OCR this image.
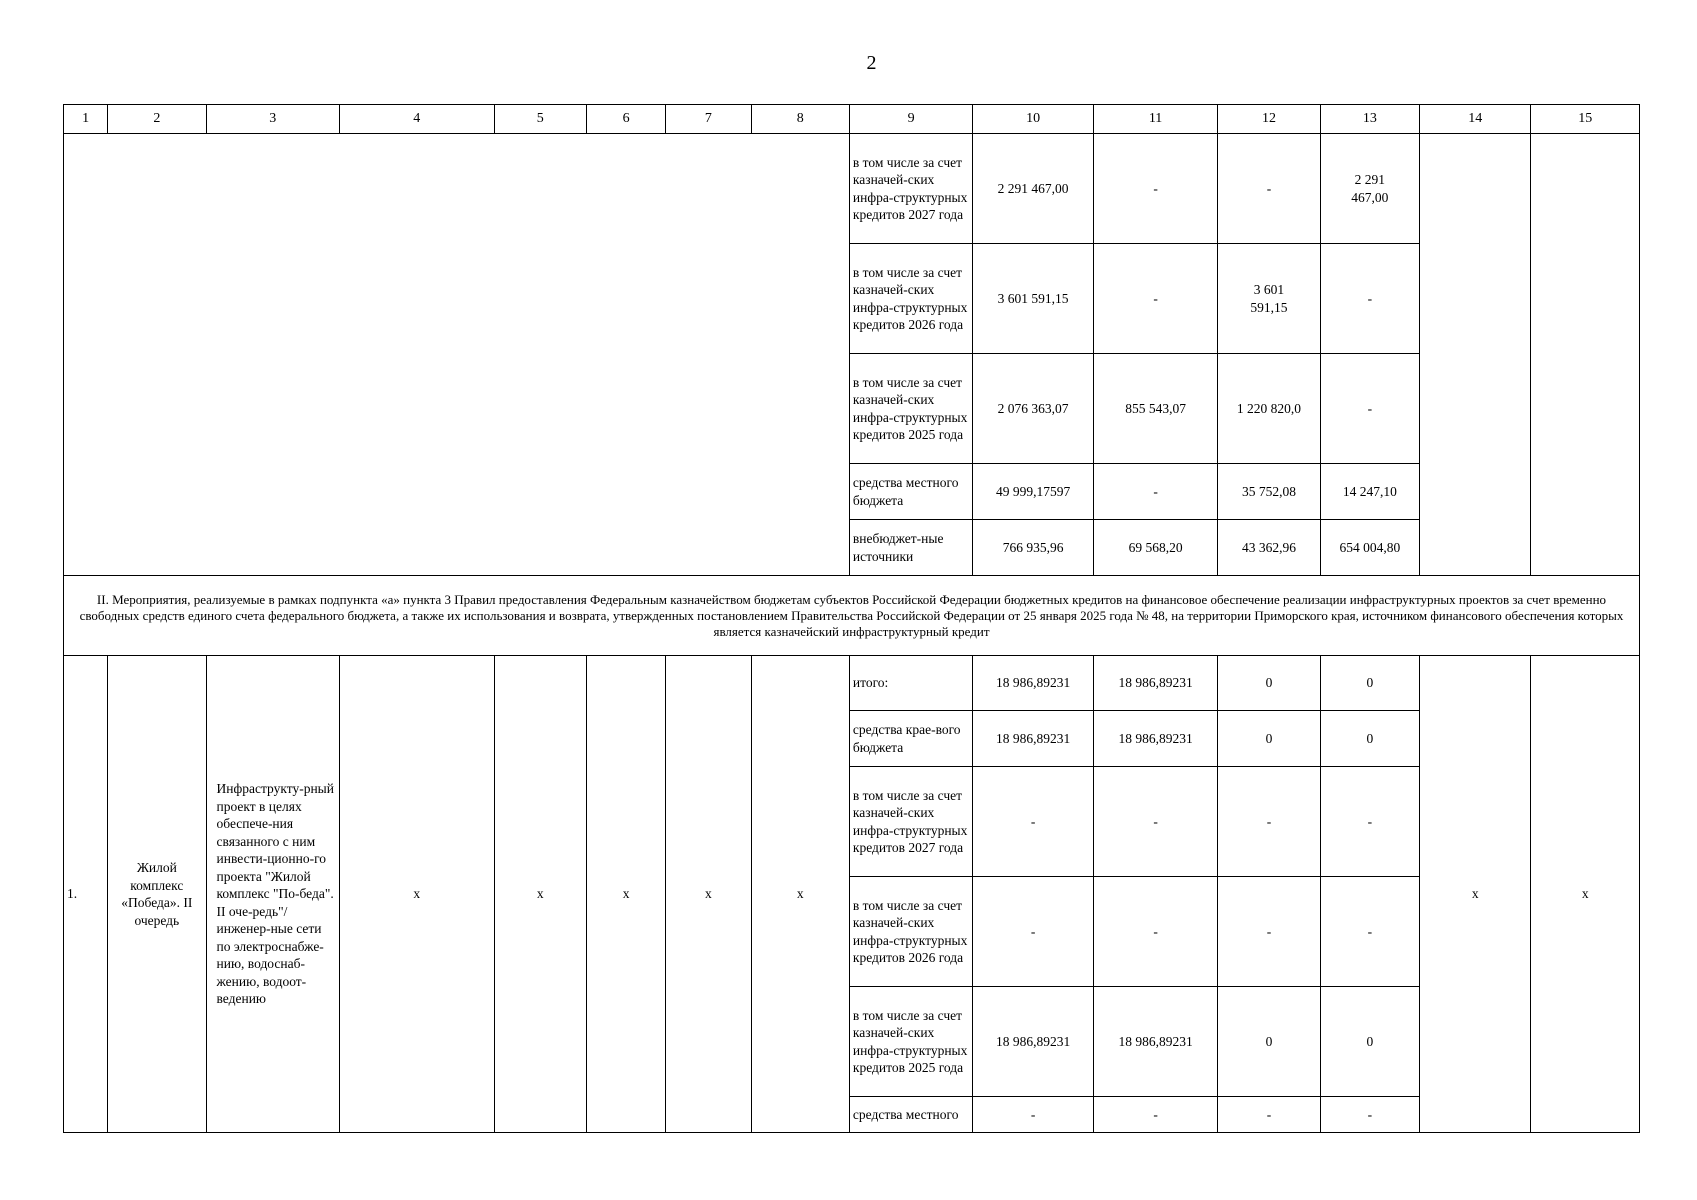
2
1	2	3	4	5	6	7	8	9	10	11	12	13	14	15
								в том числе за счет казначей-ских инфра-структурных кредитов 2027 года	2 291 467,00	-	-	2 291 467,00		
								в том числе за счет казначей-ских инфра-структурных кредитов 2026 года	3 601 591,15	-	3 601 591,15	-		
								в том числе за счет казначей-ских инфра-структурных кредитов 2025 года	2 076 363,07	855 543,07	1 220 820,0	-		
								средства местного бюджета	49 999,17597	-	35 752,08	14 247,10		
								внебюджет-ные источники	766 935,96	69 568,20	43 362,96	654 004,80		
II. Мероприятия, реализуемые в рамках подпункта «а» пункта 3 Правил предоставления Федеральным казначейством бюджетам субъектов Российской Федерации бюджетных кредитов на финансовое обеспечение реализации инфраструктурных проектов за счет временно свободных средств единого счета федерального бюджета, а также их использования и возврата, утвержденных постановлением Правительства Российской Федерации от 25 января 2025 года № 48, на территории Приморского края, источником финансового обеспечения которых является казначейский инфраструктурный кредит														
1.	Жилой комплекс «Победа». II очередь	Инфраструкту-рный проект в целях обеспече-ния связанного с ним инвести-ционно-го проекта "Жилой комплекс "По-беда". II оче-редь"/инженер-ные сети по электроснабже-нию, водоснаб-жению, водоот-ведению	х	х	х	х	х	итого:	18 986,89231	18 986,89231	0	0	х	х
								средства крае-вого бюджета	18 986,89231	18 986,89231	0	0		
								в том числе за счет казначей-ских инфра-структурных кредитов 2027 года	-	-	-	-		
								в том числе за счет казначей-ских инфра-структурных кредитов 2026 года	-	-	-	-		
								в том числе за счет казначей-ских инфра-структурных кредитов 2025 года	18 986,89231	18 986,89231	0	0		
								средства местного	-	-	-	-		
